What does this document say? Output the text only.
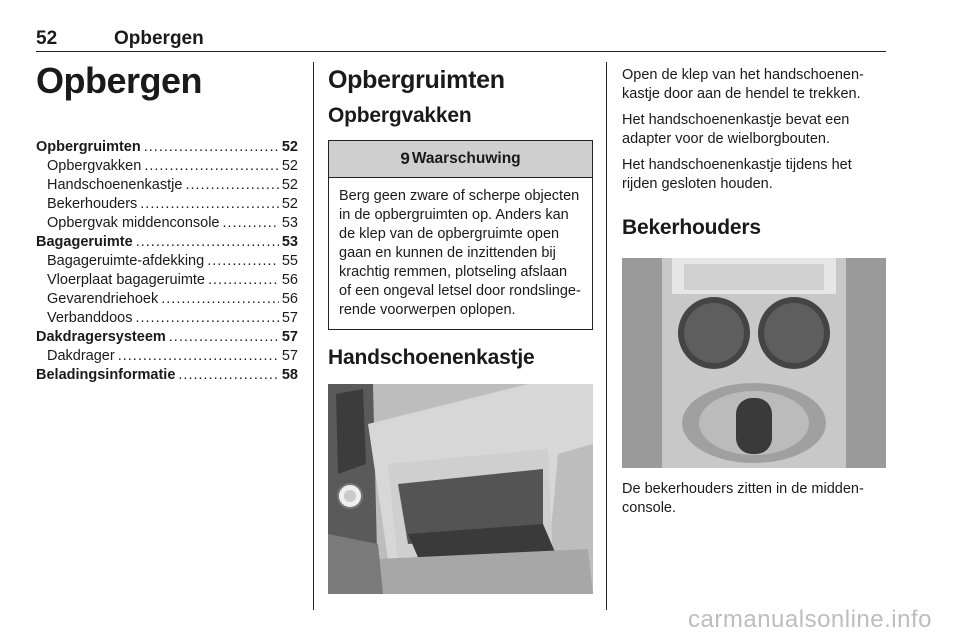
52	Opbergen
Opbergen
Opbergruimten .....	52
Opbergvakken .....	52
Handschoenenkastje .....	52
Bekerhouders .....	52
Opbergvak middenconsole .....	53
Bagageruimte .....	53
Bagageruimte-afdekking .....	55
Vloerplaat bagageruimte .....	56
Gevarendriehoek .....	56
Verbanddoos .....	57
Dakdragersysteem .....	57
Dakdrager .....	57
Beladingsinformatie .....	58
Opbergruimten
Opbergvakken
9 Waarschuwing
Berg geen zware of scherpe objecten in de opbergruimten op. Anders kan de klep van de opbergruimte open gaan en kunnen de inzittenden bij krachtig remmen, plotseling afslaan of een ongeval letsel door rondslinge-rende voorwerpen oplopen.
Handschoenenkastje
Open de klep van het handschoenen-kastje door aan de hendel te trekken.
Het handschoenenkastje bevat een adapter voor de wielborgbouten.
Het handschoenenkastje tijdens het rijden gesloten houden.
Bekerhouders
De bekerhouders zitten in de midden-console.
carmanualsonline.info
